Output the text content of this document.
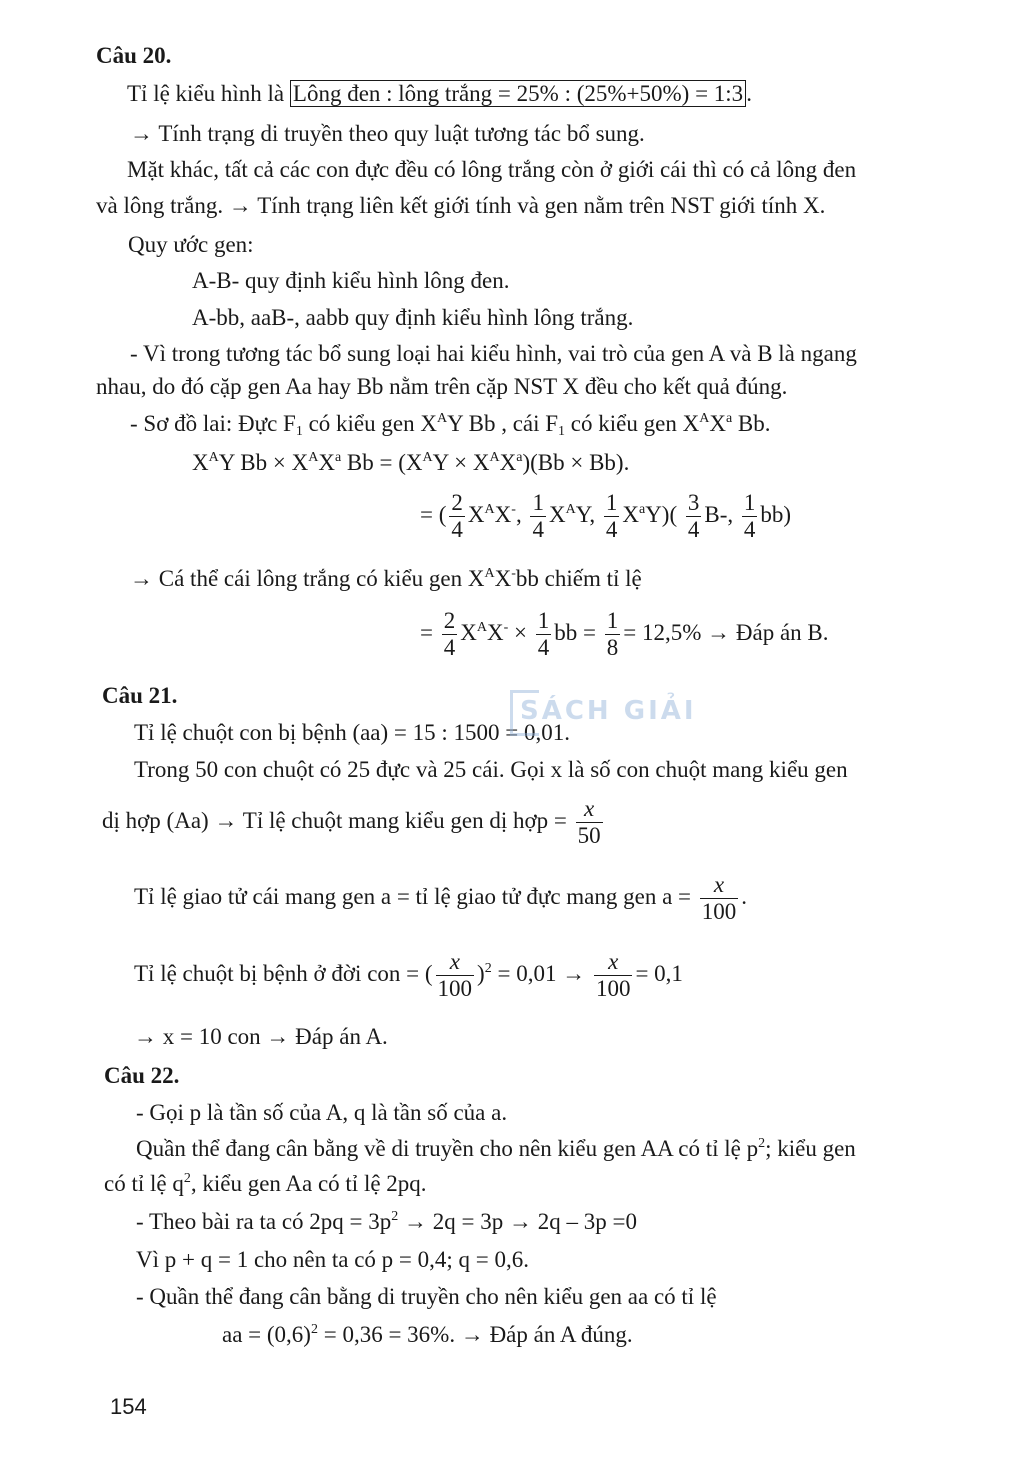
Câu 20.
Tỉ lệ kiểu hình là Lông đen : lông trắng = 25% : (25%+50%) = 1:3 .
→ Tính trạng di truyền theo quy luật tương tác bổ sung.
Mặt khác, tất cả các con đực đều có lông trắng còn ở giới cái thì có cả lông đen
và lông trắng. → Tính trạng liên kết giới tính và gen nằm trên NST giới tính X.
Quy ước gen:
A-B- quy định kiểu hình lông đen.
A-bb, aaB-, aabb quy định kiểu hình lông trắng.
- Vì trong tương tác bổ sung loại hai kiểu hình, vai trò của gen A và B là ngang
nhau, do đó cặp gen Aa hay Bb nằm trên cặp NST X đều cho kết quả đúng.
- Sơ đồ lai: Đực $F_1$ có kiểu gen $X^AY$ Bb , cái $F_1$ có kiểu gen $X^AX^a$ Bb.
$X^AY$ $Bb \times X^AX^a$ $Bb = (X^AY \times X^AX^a)(Bb \times Bb)$.
= ( $\frac{2}{4} X^AX^-$, $\frac{1}{4} X^AY$, $\frac{1}{4} X^aY)( \frac{3}{4} B-$, $\frac{1}{4} bb$)
→ Cá thể cái lông trắng có kiểu gen $X^AX^-bb$ chiếm tỉ lệ
= $\frac{2}{4} X^AX^- \times \frac{1}{4}$ bb = $\frac{1}{8} = 12,5\%$ → Đáp án B.
Câu 21.
Tỉ lệ chuột con bị bệnh (aa) = 15 : 1500 = 0,01.
Trong 50 con chuột có 25 đực và 25 cái. Gọi x là số con chuột mang kiểu gen
dị hợp (Aa) → Tỉ lệ chuột mang kiểu gen dị hợp = $\frac{x}{50}$
Tỉ lệ giao tử cái mang gen a = tỉ lệ giao tử đực mang gen $a = \frac{x}{100}$ .
Tỉ lệ chuột bị bệnh ở đời con = ( $\frac{x}{100} )^2 = 0,01 \to \frac{x}{100} = 0,1$
→ x = 10 con → Đáp án A.
Câu 22.
- Gọi p là tần số của A, q là tần số của a.
Quần thể đang cân bằng về di truyền cho nên kiểu gen AA có tỉ lệ $p^2$; kiểu gen
có tỉ lệ $q^2$, kiểu gen Aa có tỉ lệ 2pq.
- Theo bài ra ta có $2pq = 3p^2 \to 2q = 3p \to 2q - 3p =0$
Vì p + q = 1 cho nên ta có p = 0,4; q = 0,6.
- Quần thể đang cân bằng di truyền cho nên kiểu gen aa có tỉ lệ
aa = $(0,6)^2 = 0,36 = 36\%$. → Đáp án A đúng.
SÁCH GIẢI
154
